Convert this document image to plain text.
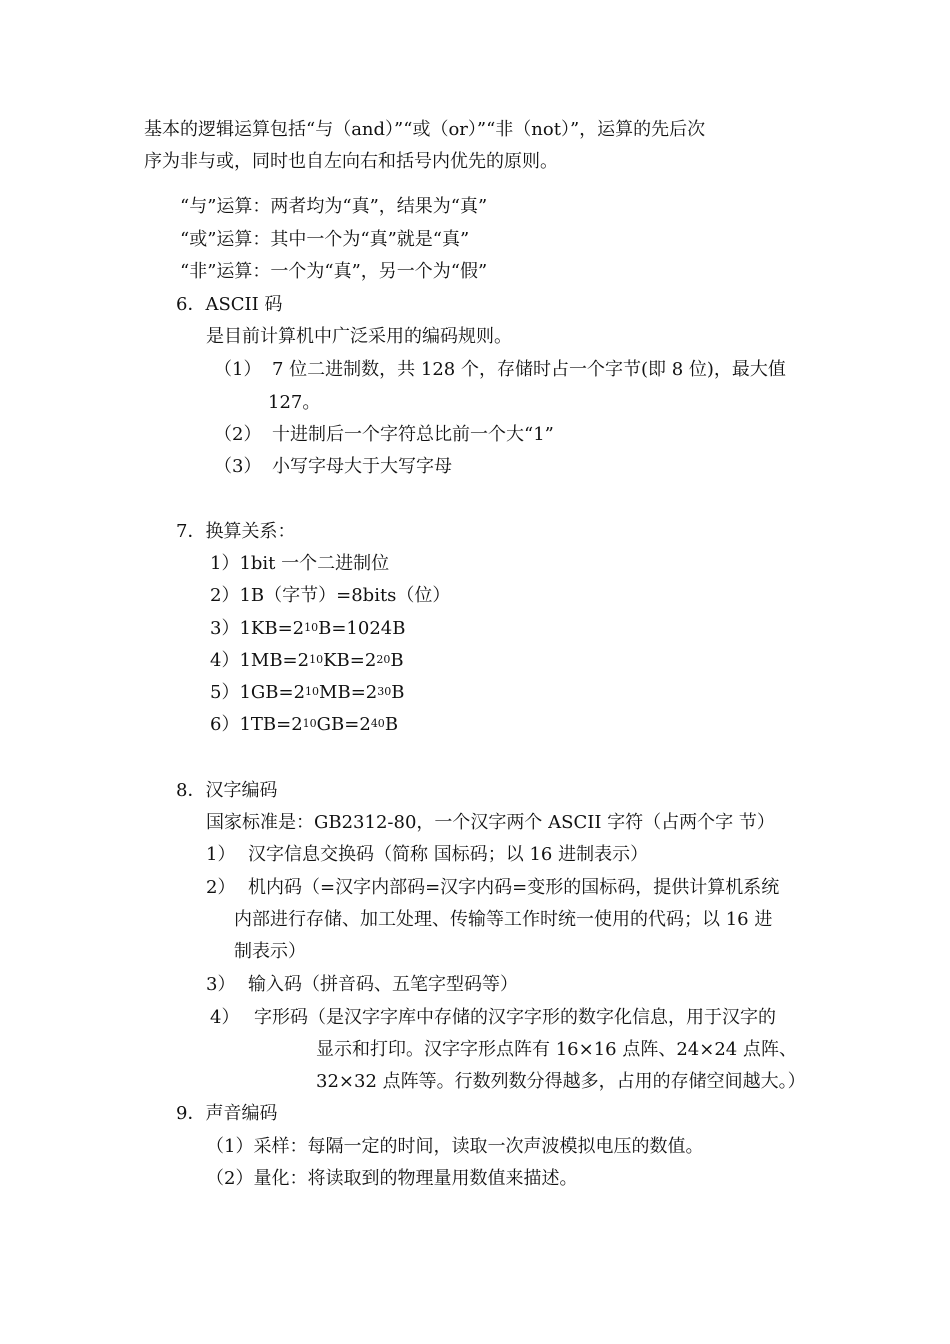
基本的逻辑运算包括“与（and）”“或（or）”“非（not）”，运算的先后次
序为非与或，同时也自左向右和括号内优先的原则。
“与”运算：两者均为“真”，结果为“真”
“或”运算：其中一个为“真”就是“真”
“非”运算：一个为“真”，另一个为“假”
6．ASCII 码
是目前计算机中广泛采用的编码规则。
（1） 7 位二进制数，共 128 个，存储时占一个字节(即 8 位)，最大值
127。
（2） 十进制后一个字符总比前一个大“1”
（3） 小写字母大于大写字母
7．换算关系：
1）1bit 一个二进制位
2）1B（字节）=8bits（位）
$3)1KB=2^{10}B=1024B$
$4)1MB=2^{10}KB=2^{20}B$
$5)1GB=2^{10}MB=2^{30}B$
$6)1TB=2^{10}GB=2^{40}B$
8．汉字编码
国家标准是：GB2312-80，一个汉字两个 ASCII 字符（占两个字 节）
1） 汉字信息交换码（简称 国标码；以 16 进制表示）
2） 机内码（=汉字内部码=汉字内码=变形的国标码，提供计算机系统
内部进行存储、加工处理、传输等工作时统一使用的代码；以 16 进
制表示）
3） 输入码（拼音码、五笔字型码等）
4） 字形码（是汉字字库中存储的汉字字形的数字化信息，用于汉字的
显示和打印。汉字字形点阵有 16×16 点阵、24×24 点阵、
32×32 点阵等。行数列数分得越多，占用的存储空间越大。）
9．声音编码
（1）采样：每隔一定的时间，读取一次声波模拟电压的数值。
（2）量化：将读取到的物理量用数值来描述。
